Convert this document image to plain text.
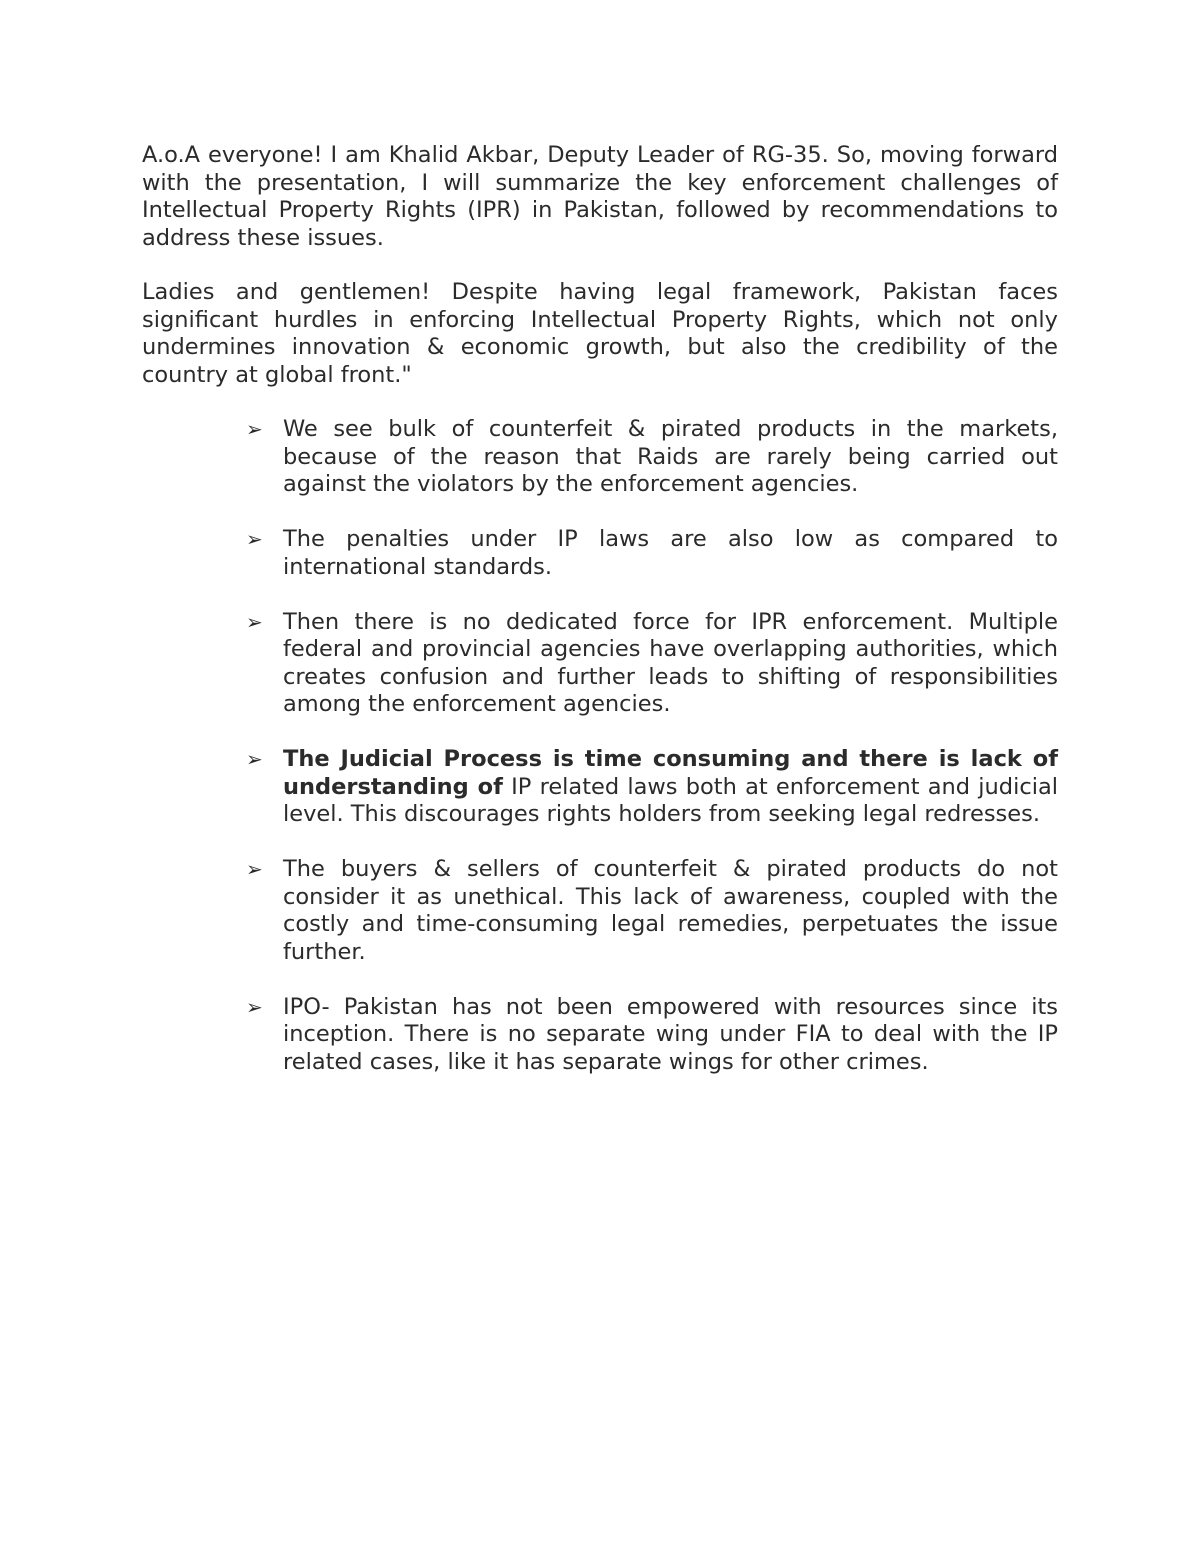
A.o.A everyone! I am Khalid Akbar, Deputy Leader of RG-35. So, moving forward with the presentation, I will summarize the key enforcement challenges of Intellectual Property Rights (IPR) in Pakistan, followed by recommendations to address these issues.

Ladies and gentlemen! Despite having legal framework, Pakistan faces significant hurdles in enforcing Intellectual Property Rights, which not only undermines innovation & economic growth, but also the credibility of the country at global front."

➢ We see bulk of counterfeit & pirated products in the markets, because of the reason that Raids are rarely being carried out against the violators by the enforcement agencies.
➢ The penalties under IP laws are also low as compared to international standards.
➢ Then there is no dedicated force for IPR enforcement. Multiple federal and provincial agencies have overlapping authorities, which creates confusion and further leads to shifting of responsibilities among the enforcement agencies.
➢ The Judicial Process is time consuming and there is lack of understanding of IP related laws both at enforcement and judicial level. This discourages rights holders from seeking legal redresses.
➢ The buyers & sellers of counterfeit & pirated products do not consider it as unethical. This lack of awareness, coupled with the costly and time-consuming legal remedies, perpetuates the issue further.
➢ IPO- Pakistan has not been empowered with resources since its inception. There is no separate wing under FIA to deal with the IP related cases, like it has separate wings for other crimes.
